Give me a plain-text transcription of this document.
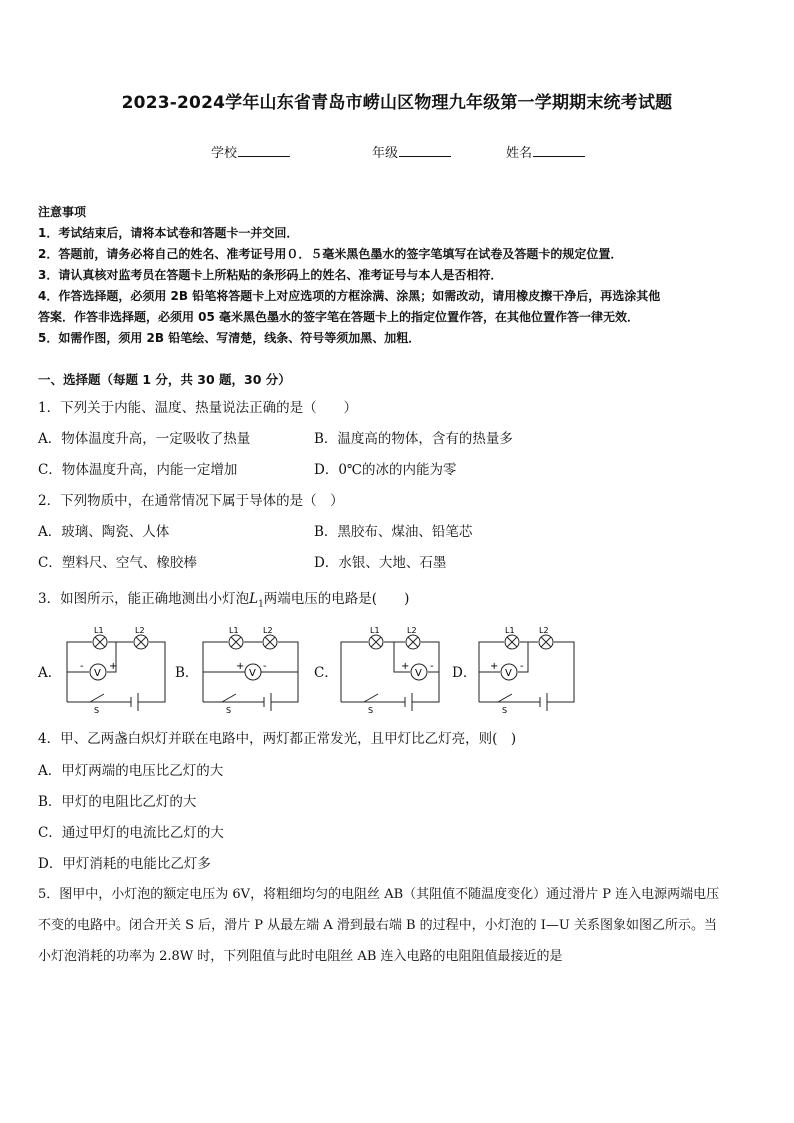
2023-2024学年山东省青岛市崂山区物理九年级第一学期期末统考试题
学校	年级	姓名
注意事项
1．考试结束后，请将本试卷和答题卡一并交回．
2．答题前，请务必将自己的姓名、准考证号用０．５毫米黑色墨水的签字笔填写在试卷及答题卡的规定位置．
3．请认真核对监考员在答题卡上所粘贴的条形码上的姓名、准考证号与本人是否相符．
4．作答选择题，必须用 2B 铅笔将答题卡上对应选项的方框涂满、涂黑；如需改动，请用橡皮擦干净后，再选涂其他
答案．作答非选择题，必须用 05 毫米黑色墨水的签字笔在答题卡上的指定位置作答，在其他位置作答一律无效．
5．如需作图，须用 2B 铅笔绘、写清楚，线条、符号等须加黑、加粗．
一、选择题（每题 1 分，共 30 题，30 分）
1．下列关于内能、温度、热量说法正确的是（　　）
A．物体温度升高，一定吸收了热量	B．温度高的物体，含有的热量多
C．物体温度升高，内能一定增加	D．0℃的冰的内能为零
2．下列物质中，在通常情况下属于导体的是（　）
A．玻璃、陶瓷、人体	B．黑胶布、煤油、铅笔芯
C．塑料尺、空气、橡胶棒	D．水银、大地、石墨
3．如图所示，能正确地测出小灯泡$L_1$两端电压的电路是(　　)
A．	B．	C．	D．
L1	L2
V
-	+
S
L1	L2
V
+ -
S
L1	L2
V
+ -
S
L1	L2
V
+ -
S
4．甲、乙两盏白炽灯并联在电路中，两灯都正常发光，且甲灯比乙灯亮，则(　)
A．甲灯两端的电压比乙灯的大
B．甲灯的电阻比乙灯的大
C．通过甲灯的电流比乙灯的大
D．甲灯消耗的电能比乙灯多
5．图甲中，小灯泡的额定电压为 6V，将粗细均匀的电阻丝 AB（其阻值不随温度变化）通过滑片 P 连入电源两端电压
不变的电路中。闭合开关 S 后，滑片 P 从最左端 A 滑到最右端 B 的过程中，小灯泡的 I—U 关系图象如图乙所示。当
小灯泡消耗的功率为 2.8W 时，下列阻值与此时电阻丝 AB 连入电路的电阻阻值最接近的是
